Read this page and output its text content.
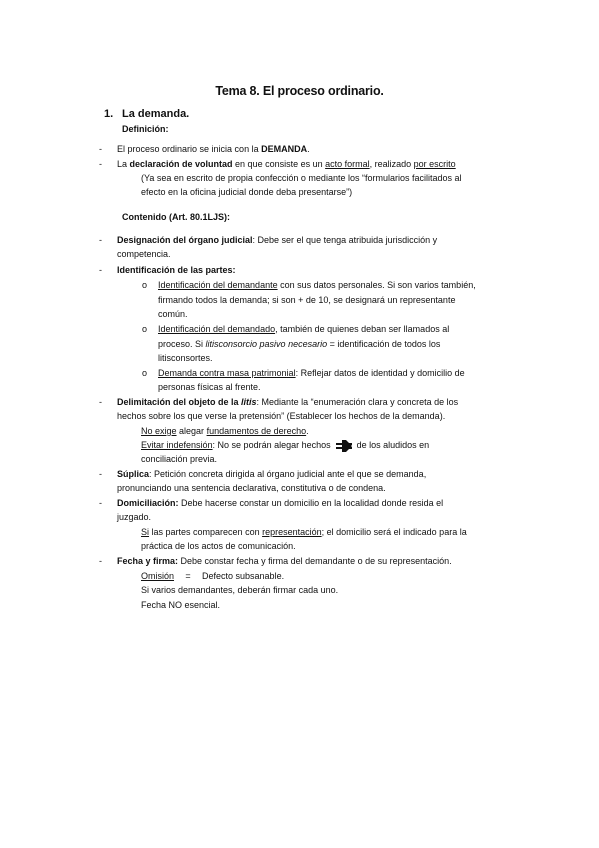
Tema 8. El proceso ordinario.
1. La demanda.
Definición:
- El proceso ordinario se inicia con la DEMANDA.
- La declaración de voluntad en que consiste es un acto formal, realizado por escrito
(Ya sea en escrito de propia confección o mediante los “formularios facilitados al
efecto en la oficina judicial donde deba presentarse”)
Contenido (Art. 80.1LJS):
- Designación del órgano judicial: Debe ser el que tenga atribuida jurisdicción y
competencia.
- Identificación de las partes:
o Identificación del demandante con sus datos personales. Si son varios también,
firmando todos la demanda; si son + de 10, se designará un representante
común.
o Identificación del demandado, también de quienes deban ser llamados al
proceso. Si litisconsorcio pasivo necesario = identificación de todos los
litisconsortes.
o Demanda contra masa patrimonial: Reflejar datos de identidad y domicilio de
personas físicas al frente.
- Delimitación del objeto de la litis: Mediante la “enumeración clara y concreta de los
hechos sobre los que verse la pretensión” (Establecer los hechos de la demanda).
No exige alegar fundamentos de derecho.
Evitar indefensión: No se podrán alegar hechos	de los aludidos en
conciliación previa.
- Súplica: Petición concreta dirigida al órgano judicial ante el que se demanda,
pronunciando una sentencia declarativa, constitutiva o de condena.
- Domiciliación: Debe hacerse constar un domicilio en la localidad donde resida el
juzgado.
Si las partes comparecen con representación; el domicilio será el indicado para la
práctica de los actos de comunicación.
- Fecha y firma: Debe constar fecha y firma del demandante o de su representación.
Omisión = Defecto subsanable.
Si varios demandantes, deberán firmar cada uno.
Fecha NO esencial.
